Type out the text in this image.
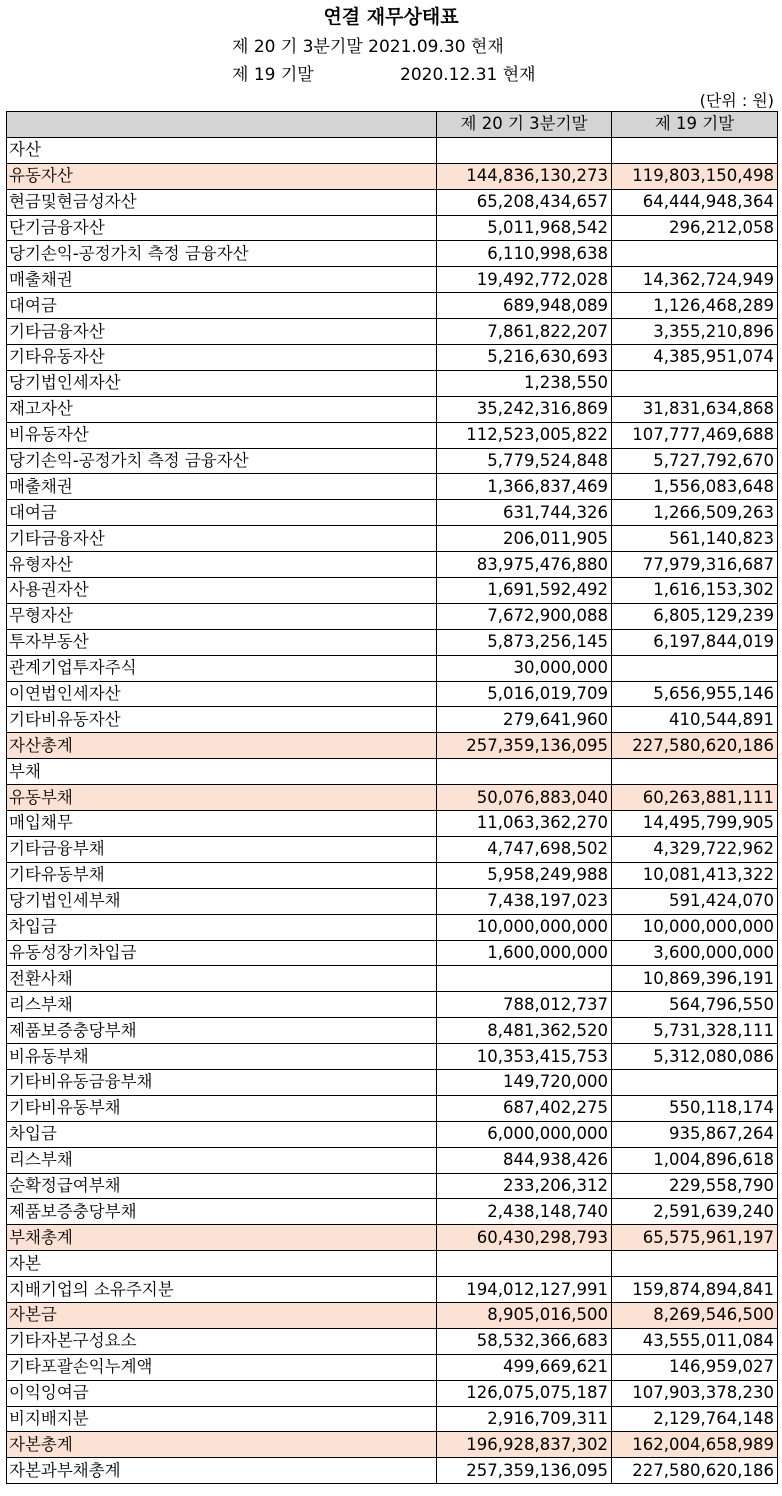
연결 재무상태표
제 20 기 3분기말 2021.09.30 현재
제 19 기말	2020.12.31 현재
(단위 : 원)
	제 20 기 3분기말	제 19 기말
자산		
유동자산	144,836,130,273	119,803,150,498
현금및현금성자산	65,208,434,657	64,444,948,364
단기금융자산	5,011,968,542	296,212,058
당기손익-공정가치 측정 금융자산	6,110,998,638	
매출채권	19,492,772,028	14,362,724,949
대여금	689,948,089	1,126,468,289
기타금융자산	7,861,822,207	3,355,210,896
기타유동자산	5,216,630,693	4,385,951,074
당기법인세자산	1,238,550	
재고자산	35,242,316,869	31,831,634,868
비유동자산	112,523,005,822	107,777,469,688
당기손익-공정가치 측정 금융자산	5,779,524,848	5,727,792,670
매출채권	1,366,837,469	1,556,083,648
대여금	631,744,326	1,266,509,263
기타금융자산	206,011,905	561,140,823
유형자산	83,975,476,880	77,979,316,687
사용권자산	1,691,592,492	1,616,153,302
무형자산	7,672,900,088	6,805,129,239
투자부동산	5,873,256,145	6,197,844,019
관계기업투자주식	30,000,000	
이연법인세자산	5,016,019,709	5,656,955,146
기타비유동자산	279,641,960	410,544,891
자산총계	257,359,136,095	227,580,620,186
부채		
유동부채	50,076,883,040	60,263,881,111
매입채무	11,063,362,270	14,495,799,905
기타금융부채	4,747,698,502	4,329,722,962
기타유동부채	5,958,249,988	10,081,413,322
당기법인세부채	7,438,197,023	591,424,070
차입금	10,000,000,000	10,000,000,000
유동성장기차입금	1,600,000,000	3,600,000,000
전환사채		10,869,396,191
리스부채	788,012,737	564,796,550
제품보증충당부채	8,481,362,520	5,731,328,111
비유동부채	10,353,415,753	5,312,080,086
기타비유동금융부채	149,720,000	
기타비유동부채	687,402,275	550,118,174
차입금	6,000,000,000	935,867,264
리스부채	844,938,426	1,004,896,618
순확정급여부채	233,206,312	229,558,790
제품보증충당부채	2,438,148,740	2,591,639,240
부채총계	60,430,298,793	65,575,961,197
자본		
지배기업의 소유주지분	194,012,127,991	159,874,894,841
자본금	8,905,016,500	8,269,546,500
기타자본구성요소	58,532,366,683	43,555,011,084
기타포괄손익누계액	499,669,621	146,959,027
이익잉여금	126,075,075,187	107,903,378,230
비지배지분	2,916,709,311	2,129,764,148
자본총계	196,928,837,302	162,004,658,989
자본과부채총계	257,359,136,095	227,580,620,186
